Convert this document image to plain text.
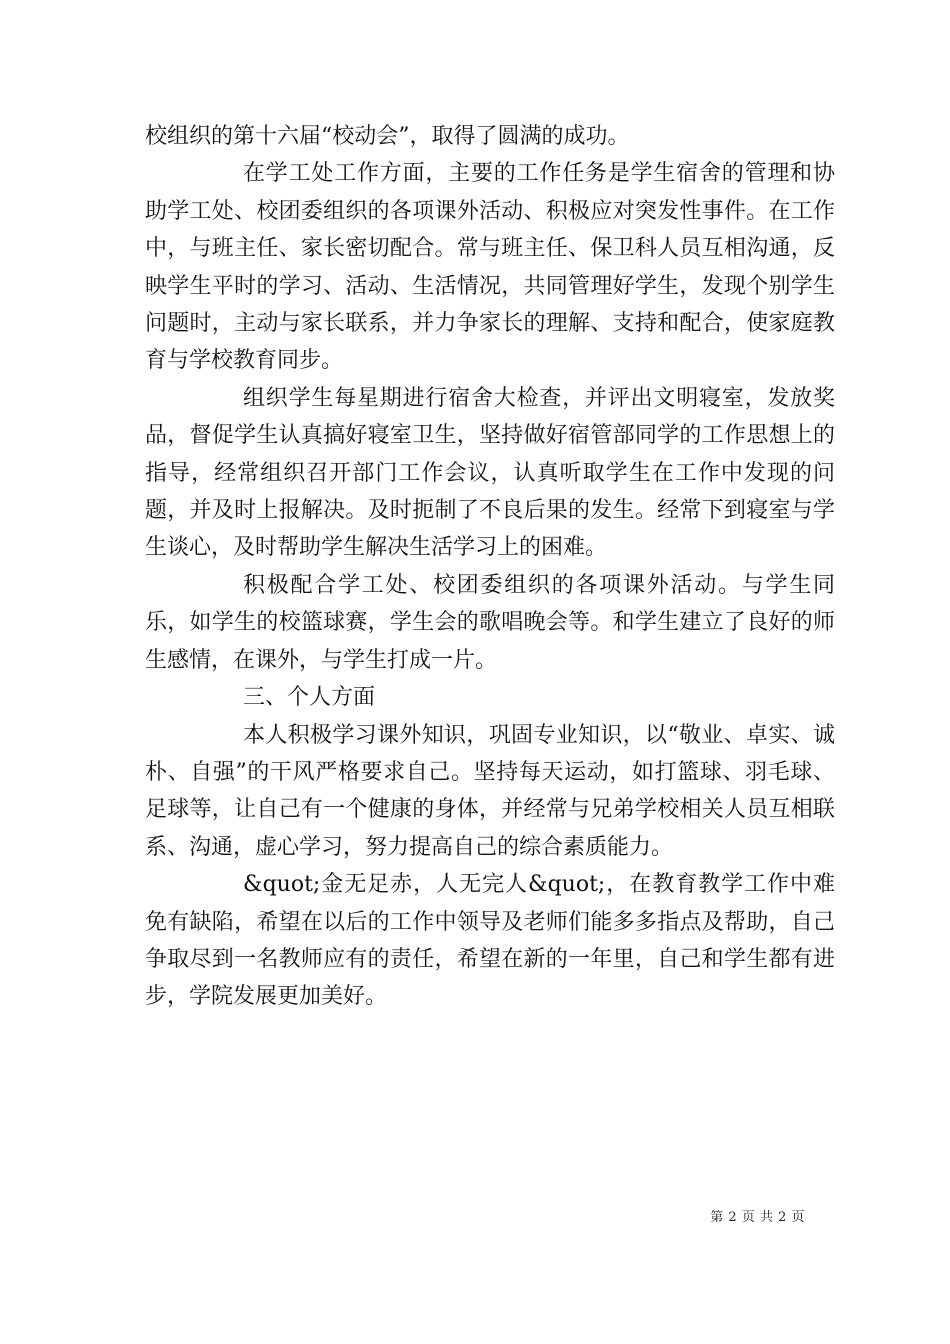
校组织的第十六届“校动会”，取得了圆满的成功。

在学工处工作方面，主要的工作任务是学生宿舍的管理和协助学工处、校团委组织的各项课外活动、积极应对突发性事件。在工作中，与班主任、家长密切配合。常与班主任、保卫科人员互相沟通，反映学生平时的学习、活动、生活情况，共同管理好学生，发现个别学生问题时，主动与家长联系，并力争家长的理解、支持和配合，使家庭教育与学校教育同步。

组织学生每星期进行宿舍大检查，并评出文明寝室，发放奖品，督促学生认真搞好寝室卫生，坚持做好宿管部同学的工作思想上的指导，经常组织召开部门工作会议，认真听取学生在工作中发现的问题，并及时上报解决。及时扼制了不良后果的发生。经常下到寝室与学生谈心，及时帮助学生解决生活学习上的困难。

积极配合学工处、校团委组织的各项课外活动。与学生同乐，如学生的校篮球赛，学生会的歌唱晚会等。和学生建立了良好的师生感情，在课外，与学生打成一片。

三、个人方面

本人积极学习课外知识，巩固专业知识，以“敬业、卓实、诚朴、自强”的干风严格要求自己。坚持每天运动，如打篮球、羽毛球、足球等，让自己有一个健康的身体，并经常与兄弟学校相关人员互相联系、沟通，虚心学习，努力提高自己的综合素质能力。

&quot;金无足赤，人无完人&quot;，在教育教学工作中难免有缺陷，希望在以后的工作中领导及老师们能多多指点及帮助，自己争取尽到一名教师应有的责任，希望在新的一年里，自己和学生都有进步，学院发展更加美好。

第 2 页 共 2 页
